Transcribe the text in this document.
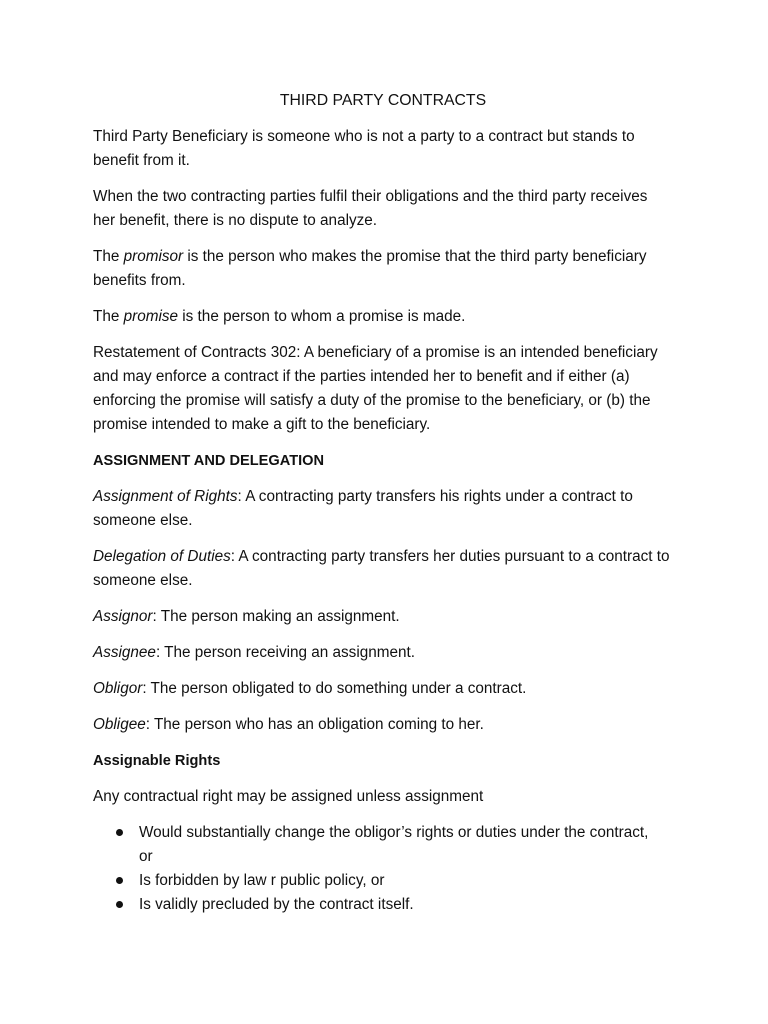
THIRD PARTY CONTRACTS

Third Party Beneficiary is someone who is not a party to a contract but stands to benefit from it.

When the two contracting parties fulfil their obligations and the third party receives her benefit, there is no dispute to analyze.

The promisor is the person who makes the promise that the third party beneficiary benefits from.

The promise is the person to whom a promise is made.

Restatement of Contracts 302: A beneficiary of a promise is an intended beneficiary and may enforce a contract if the parties intended her to benefit and if either (a) enforcing the promise will satisfy a duty of the promise to the beneficiary, or (b) the promise intended to make a gift to the beneficiary.

ASSIGNMENT AND DELEGATION

Assignment of Rights: A contracting party transfers his rights under a contract to someone else.

Delegation of Duties: A contracting party transfers her duties pursuant to a contract to someone else.

Assignor: The person making an assignment.

Assignee: The person receiving an assignment.

Obligor: The person obligated to do something under a contract.

Obligee: The person who has an obligation coming to her.

Assignable Rights

Any contractual right may be assigned unless assignment

Would substantially change the obligor’s rights or duties under the contract, or
Is forbidden by law r public policy, or
Is validly preclude​d by the contract itself.
